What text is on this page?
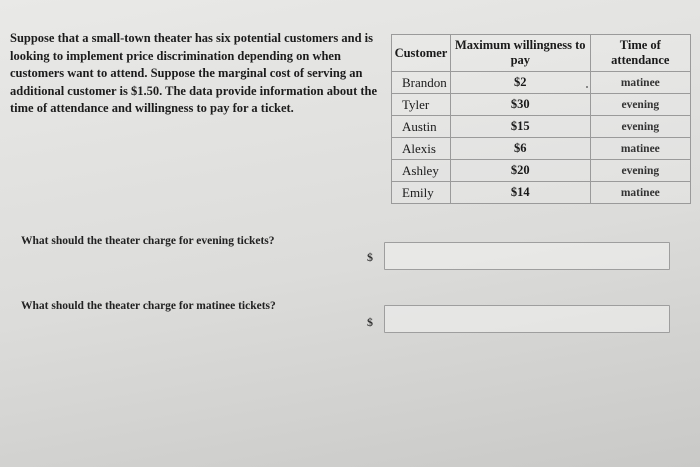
Suppose that a small-town theater has six potential customers and is looking to implement price discrimination depending on when customers want to attend. Suppose the marginal cost of serving an additional customer is $1.50. The data provide information about the time of attendance and willingness to pay for a ticket.
Customer	Maximum willingness to pay	Time of attendance
Brandon	$2	matinee
Tyler	$30	evening
Austin	$15	evening
Alexis	$6	matinee
Ashley	$20	evening
Emily	$14	matinee
What should the theater charge for evening tickets?
$
What should the theater charge for matinee tickets?
$
